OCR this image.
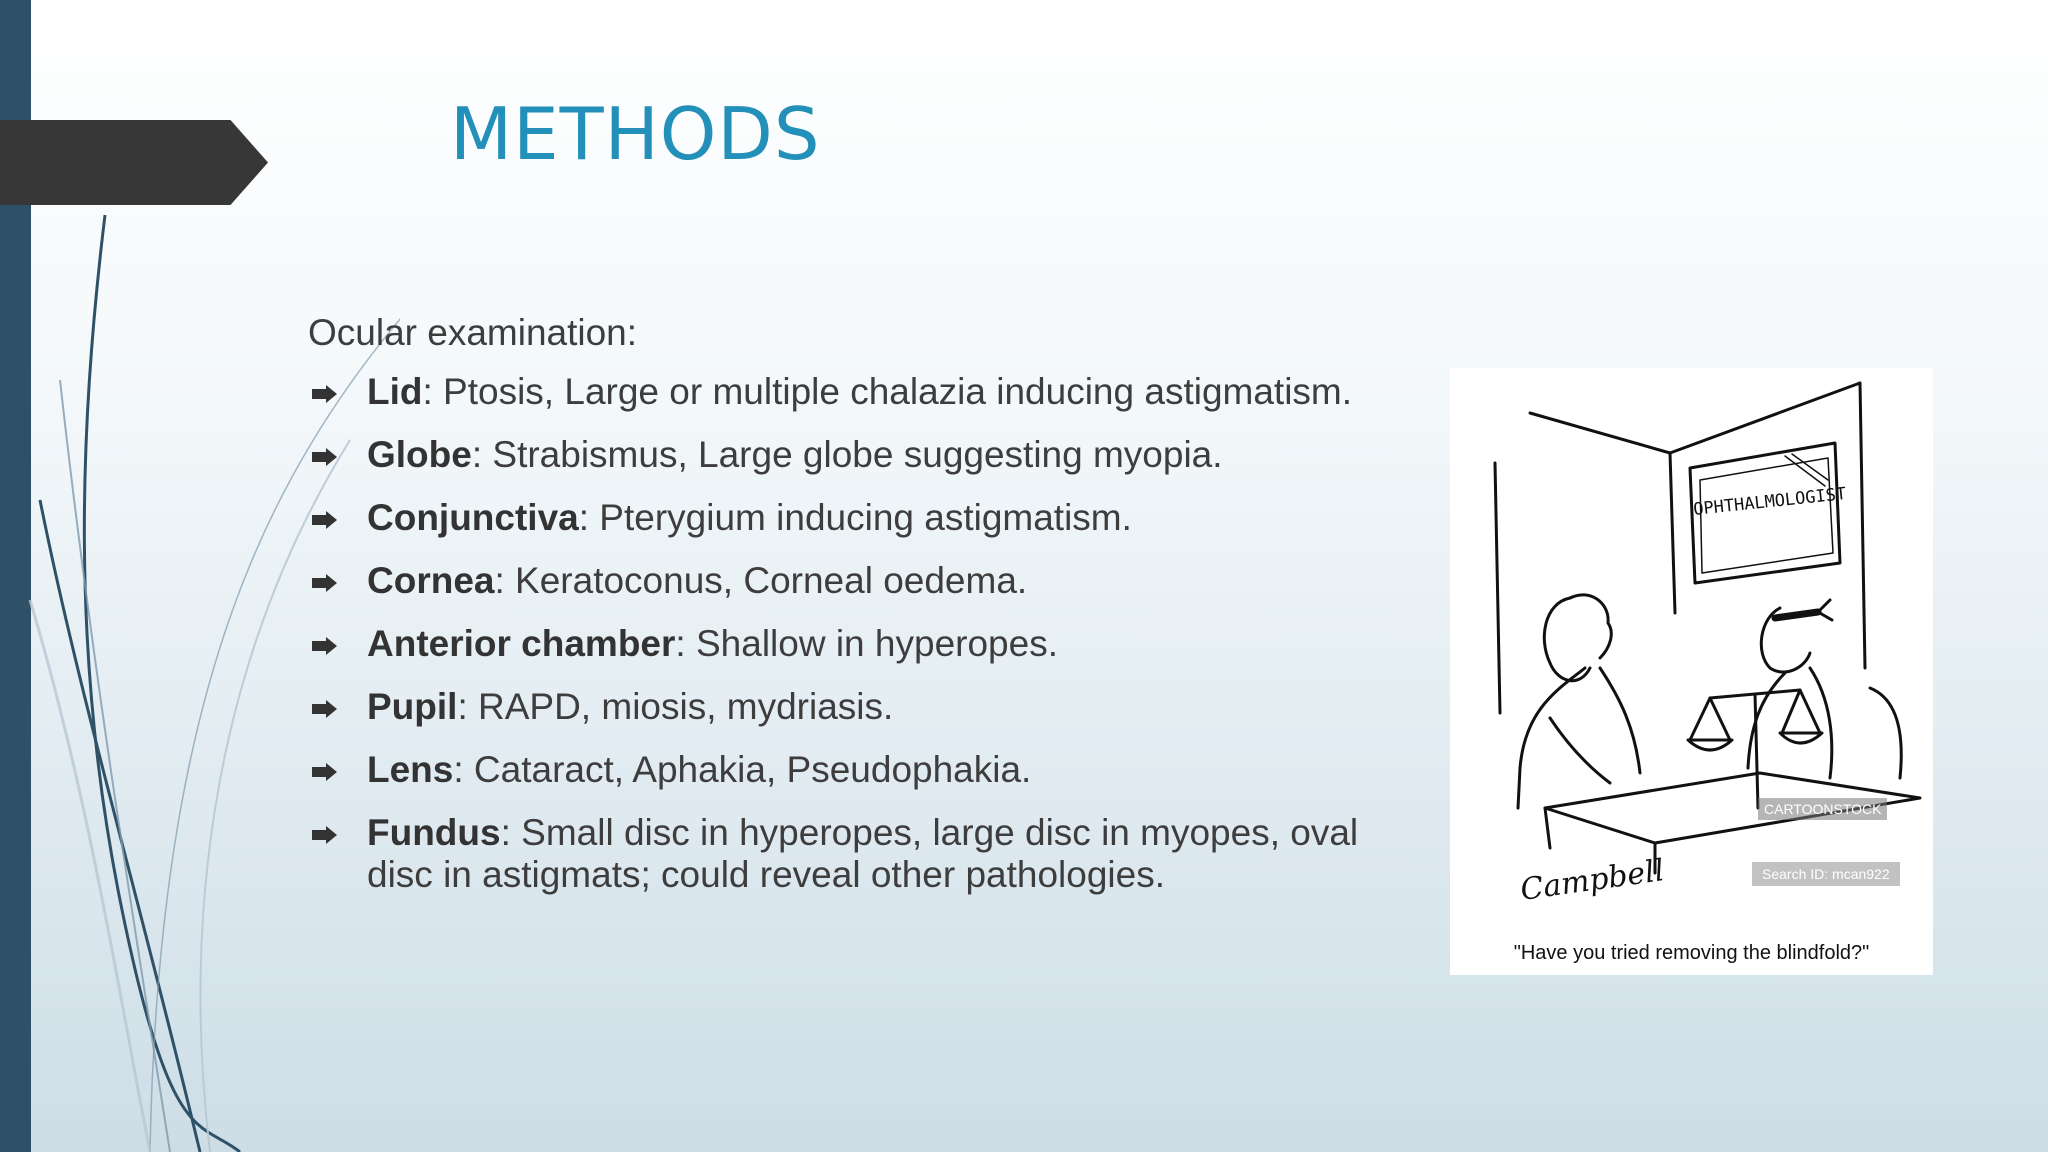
METHODS
Ocular examination:
Lid: Ptosis, Large or multiple chalazia inducing astigmatism.
Globe: Strabismus, Large globe suggesting myopia.
Conjunctiva: Pterygium inducing astigmatism.
Cornea: Keratoconus, Corneal oedema.
Anterior chamber: Shallow in hyperopes.
Pupil: RAPD, miosis, mydriasis.
Lens: Cataract, Aphakia, Pseudophakia.
Fundus: Small disc in hyperopes, large disc in myopes, oval disc in astigmats; could reveal other pathologies.
OPHTHALMOLOGIST
CARTOONSTOCK
Search ID: mcan922
Campbell
"Have you tried removing the blindfold?"
